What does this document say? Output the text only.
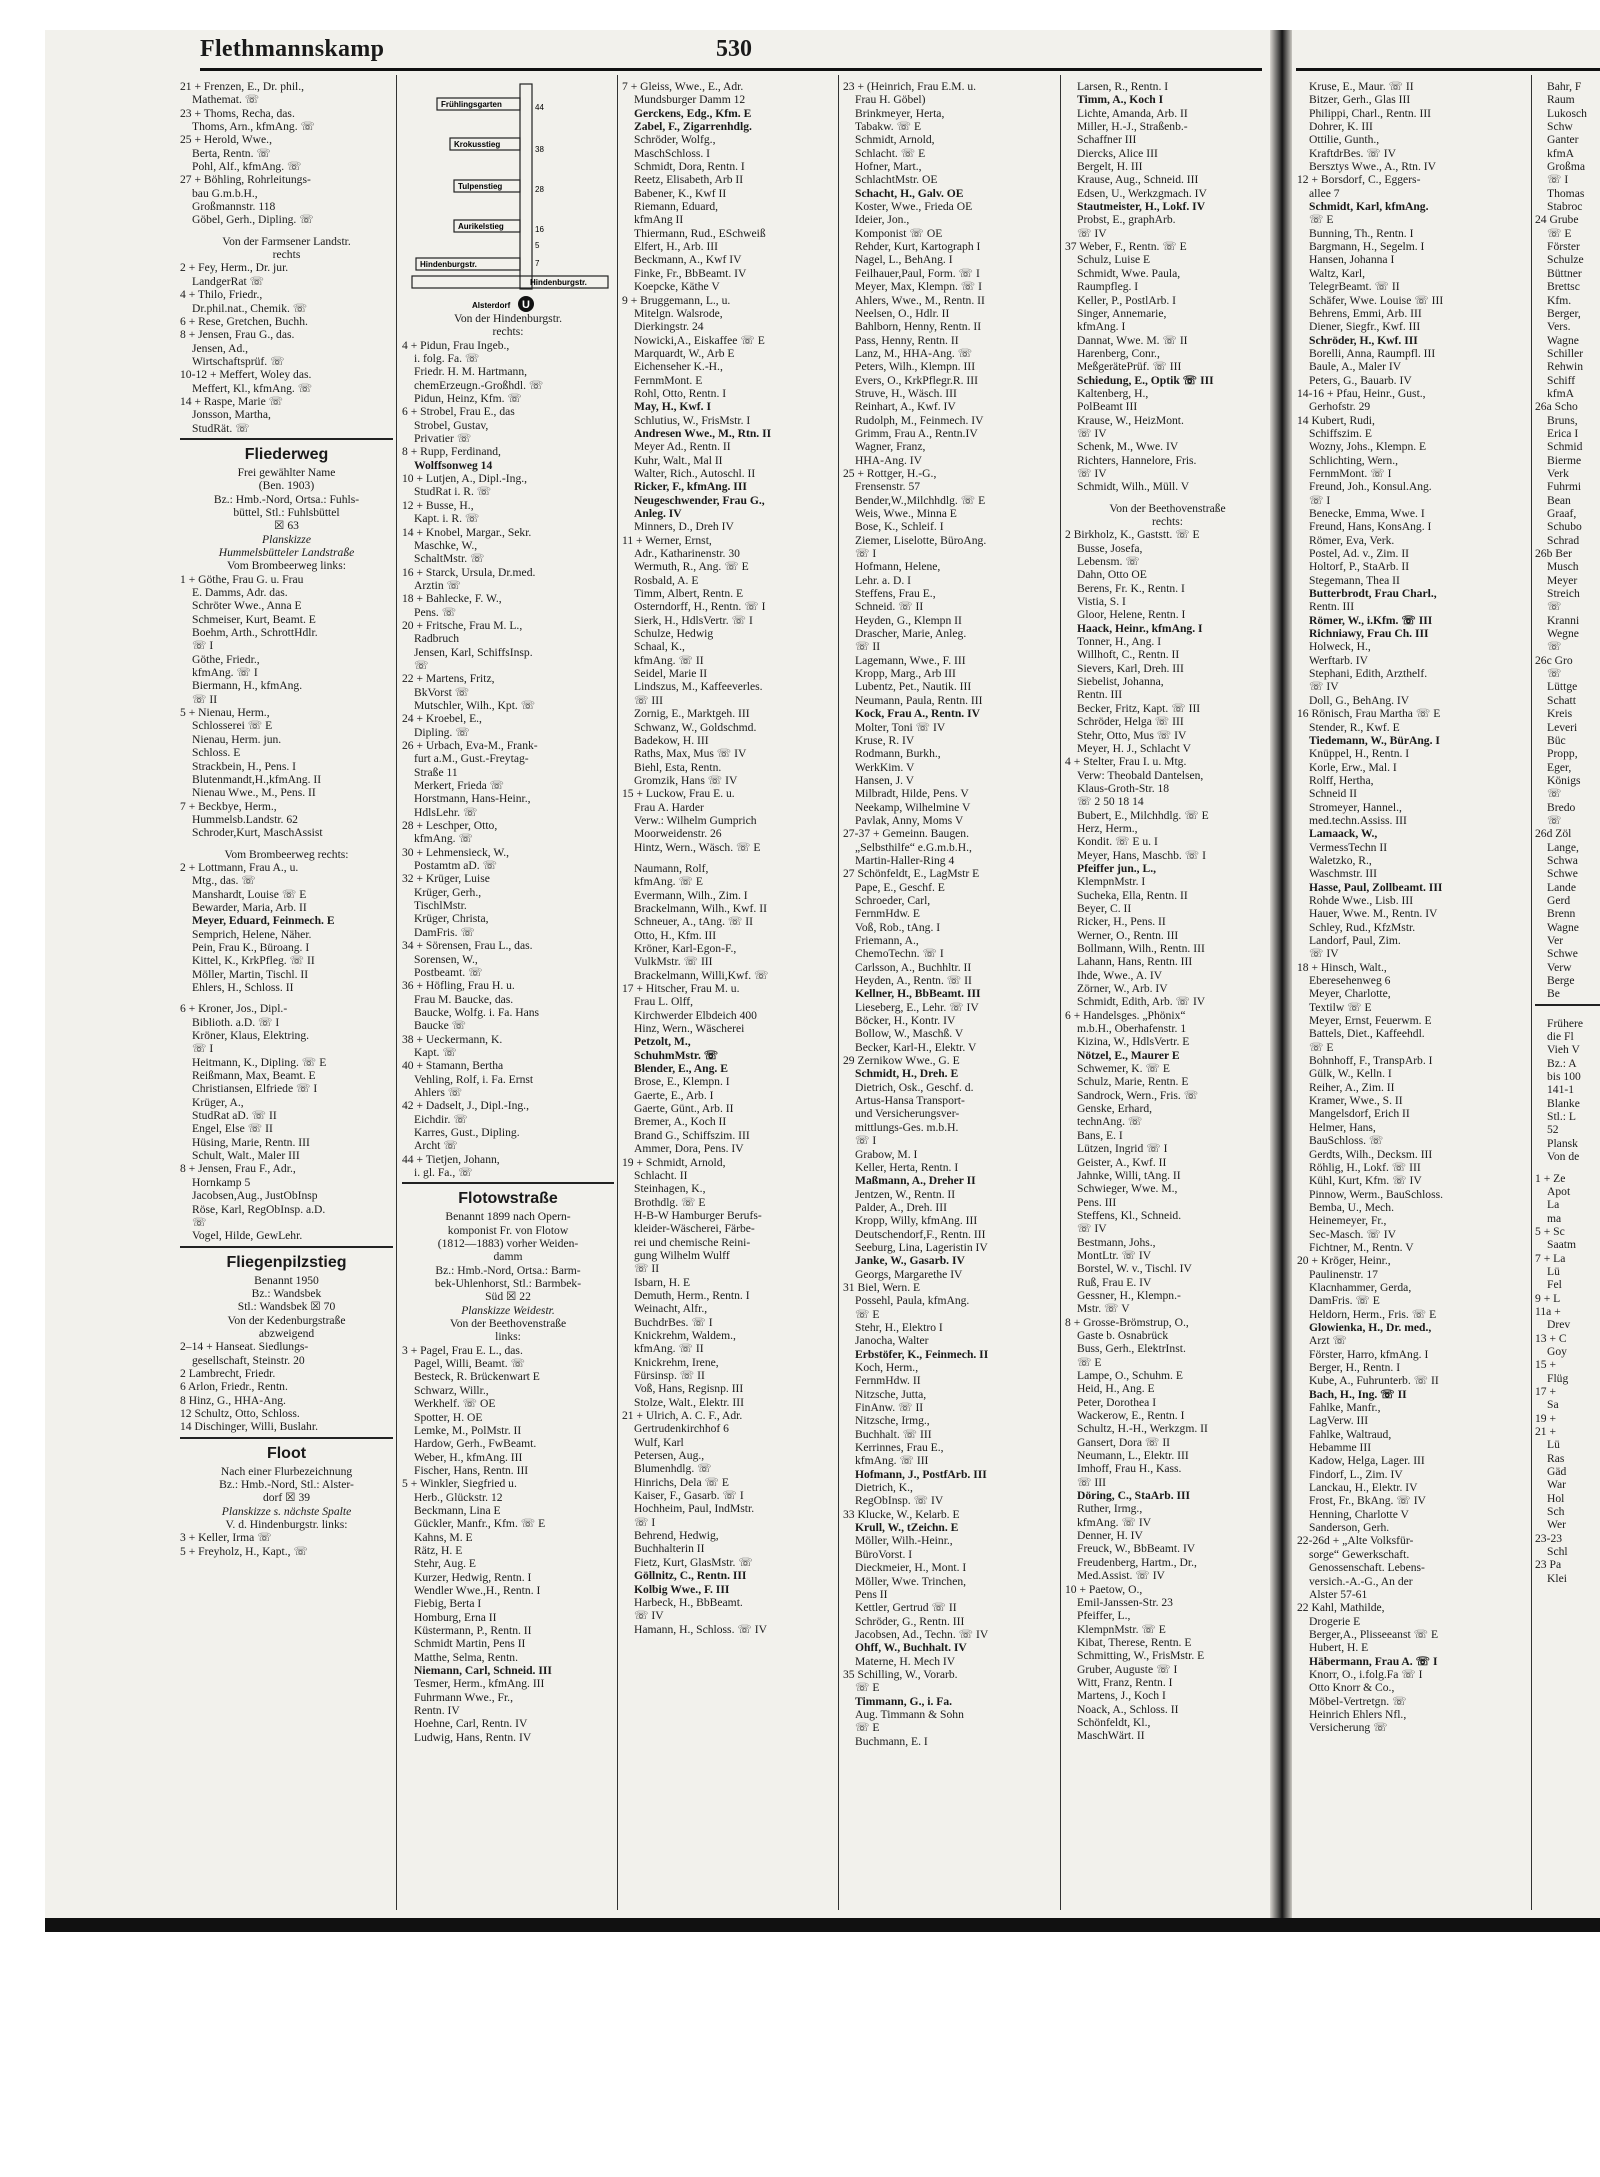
Flethmannskamp	530
21 + Frenzen, E., Dr. phil.,
Mathemat. ☏
23 + Thoms, Recha, das.
Thoms, Arn., kfmAng. ☏
25 + Herold, Wwe.,
Berta, Rentn. ☏
Pohl, Alf., kfmAng. ☏
27 + Böhling, Rohrleitungs-
bau G.m.b.H.,
Großmannstr. 118
Göbel, Gerh., Dipling. ☏
Von der Farmsener Landstr.
rechts
2 + Fey, Herm., Dr. jur.
LandgerRat ☏
4 + Thilo, Friedr.,
Dr.phil.nat., Chemik. ☏
6 + Rese, Gretchen, Buchh.
8 + Jensen, Frau G., das.
Jensen, Ad.,
Wirtschaftsprüf. ☏
10-12 + Meffert, Woley das.
Meffert, Kl., kfmAng. ☏
14 + Raspe, Marie ☏
Jonsson, Martha,
StudRät. ☏
Fliederweg
Frei gewählter Name
(Ben. 1903)
Bz.: Hmb.-Nord, Ortsa.: Fuhls-
büttel, Stl.: Fuhlsbüttel
☒ 63
Planskizze
Hummelsbütteler Landstraße
Vom Brombeerweg links:
1 + Göthe, Frau G. u. Frau
E. Damms, Adr. das.
Schröter Wwe., Anna E
Schmeiser, Kurt, Beamt. E
Boehm, Arth., SchrottHdlr.
☏ I
Göthe, Friedr.,
kfmAng. ☏ I
Biermann, H., kfmAng.
☏ II
5 + Nienau, Herm.,
Schlosserei ☏ E
Nienau, Herm. jun.
Schloss. E
Strackbein, H., Pens. I
Blutenmandt,H.,kfmAng. II
Nienau Wwe., M., Pens. II
7 + Beckbye, Herm.,
Hummelsb.Landstr. 62
Schroder,Kurt, MaschAssist
Vom Brombeerweg rechts:
2 + Lottmann, Frau A., u.
Mtg., das. ☏
Manshardt, Louise ☏ E
Bewarder, Maria, Arb. II
Meyer, Eduard, Feinmech. E
Semprich, Helene, Näher.
Pein, Frau K., Büroang. I
Kittel, K., KrkPfleg. ☏ II
Möller, Martin, Tischl. II
Ehlers, H., Schloss. II
6 + Kroner, Jos., Dipl.-
Biblioth. a.D. ☏ I
Kröner, Klaus, Elektring.
☏ I
Heitmann, K., Dipling. ☏ E
Reißmann, Max, Beamt. E
Christiansen, Elfriede ☏ I
Krüger, A.,
StudRat aD. ☏ II
Engel, Else ☏ II
Hüsing, Marie, Rentn. III
Schult, Walt., Maler III
8 + Jensen, Frau F., Adr.,
Hornkamp 5
Jacobsen,Aug., JustObInsp
Röse, Karl, RegObInsp. a.D.
☏
Vogel, Hilde, GewLehr.
Fliegenpilzstieg
Benannt 1950
Bz.: Wandsbek
Stl.: Wandsbek ☒ 70
Von der Kedenburgstraße
abzweigend
2–14 + Hanseat. Siedlungs-
gesellschaft, Steinstr. 20
2 Lambrecht, Friedr.
6 Arlon, Friedr., Rentn.
8 Hinz, G., HHA-Ang.
12 Schultz, Otto, Schloss.
14 Dischinger, Willi, Buslahr.
Floot
Nach einer Flurbezeichnung
Bz.: Hmb.-Nord, Stl.: Alster-
dorf ☒ 39
Planskizze s. nächste Spalte
V. d. Hindenburgstr. links:
3 + Keller, Irma ☏
5 + Freyholz, H., Kapt., ☏
Frühlingsgarten
Krokusstieg
Tulpenstieg
Aurikelstieg
Hindenburgstr.
Hindenburgstr.
44
38
28
16
5
7
U
Alsterdorf
Von der Hindenburgstr.
rechts:
4 + Pidun, Frau Ingeb.,
i. folg. Fa. ☏
Friedr. H. M. Hartmann,
chemErzeugn.-Großhdl. ☏
Pidun, Heinz, Kfm. ☏
6 + Strobel, Frau E., das
Strobel, Gustav,
Privatier ☏
8 + Rupp, Ferdinand,
Wolffsonweg 14
10 + Lutjen, A., Dipl.-Ing.,
StudRat i. R. ☏
12 + Busse, H.,
Kapt. i. R. ☏
14 + Knobel, Margar., Sekr.
Maschke, W.,
SchaltMstr. ☏
16 + Starck, Ursula, Dr.med.
Arztin ☏
18 + Bahlecke, F. W.,
Pens. ☏
20 + Fritsche, Frau M. L.,
Radbruch
Jensen, Karl, SchiffsInsp.
☏
22 + Martens, Fritz,
BkVorst ☏
Mutschler, Wilh., Kpt. ☏
24 + Kroebel, E.,
Dipling. ☏
26 + Urbach, Eva-M., Frank-
furt a.M., Gust.-Freytag-
Straße 11
Merkert, Frieda ☏
Horstmann, Hans-Heinr.,
HdlsLehr. ☏
28 + Leschper, Otto,
kfmAng. ☏
30 + Lehmensieck, W.,
Postamtm aD. ☏
32 + Krüger, Luise
Krüger, Gerh.,
TischlMstr.
Krüger, Christa,
DamFris. ☏
34 + Sörensen, Frau L., das.
Sorensen, W.,
Postbeamt. ☏
36 + Höfling, Frau H. u.
Frau M. Baucke, das.
Baucke, Wolfg. i. Fa. Hans
Baucke ☏
38 + Ueckermann, K.
Kapt. ☏
40 + Stamann, Bertha
Vehling, Rolf, i. Fa. Ernst
Ahlers ☏
42 + Dadselt, J., Dipl.-Ing.,
Eichdir. ☏
Karres, Gust., Dipling.
Archt ☏
44 + Tietjen, Johann,
i. gl. Fa., ☏
Flotowstraße
Benannt 1899 nach Opern-
komponist Fr. von Flotow
(1812—1883) vorher Weiden-
damm
Bz.: Hmb.-Nord, Ortsa.: Barm-
bek-Uhlenhorst, Stl.: Barmbek-
Süd ☒ 22
Planskizze Weidestr.
Von der Beethovenstraße
links:
3 + Pagel, Frau E. L., das.
Pagel, Willi, Beamt. ☏
Besteck, R. Brückenwart E
Schwarz, Willr.,
Werkhelf. ☏ OE
Spotter, H. OE
Lemke, M., PolMstr. II
Hardow, Gerh., FwBeamt.
Weber, H., kfmAng. III
Fischer, Hans, Rentn. III
5 + Winkler, Siegfried u.
Herb., Glückstr. 12
Beckmann, Lina E
Gückler, Manfr., Kfm. ☏ E
Kahns, M. E
Rätz, H. E
Stehr, Aug. E
Kurzer, Hedwig, Rentn. I
Wendler Wwe.,H., Rentn. I
Fiebig, Berta I
Homburg, Erna II
Küstermann, P., Rentn. II
Schmidt Martin, Pens II
Matthe, Selma, Rentn.
Niemann, Carl, Schneid. III
Tesmer, Herm., kfmAng. III
Fuhrmann Wwe., Fr.,
Rentn. IV
Hoehne, Carl, Rentn. IV
Ludwig, Hans, Rentn. IV
7 + Gleiss, Wwe., E., Adr.
Mundsburger Damm 12
Gerckens, Edg., Kfm. E
Zabel, F., Zigarrenhdlg.
Schröder, Wolfg.,
MaschSchloss. I
Schmidt, Dora, Rentn. I
Reetz, Elisabeth, Arb II
Babener, K., Kwf II
Riemann, Eduard,
kfmAng II
Thiermann, Rud., ESchweiß
Elfert, H., Arb. III
Beckmann, A., Kwf IV
Finke, Fr., BbBeamt. IV
Koepcke, Käthe V
9 + Bruggemann, L., u.
Mitelgn. Walsrode,
Dierkingstr. 24
Nowicki,A., Eiskaffee ☏ E
Marquardt, W., Arb E
Eichenseher K.-H.,
FernmMont. E
Rohl, Otto, Rentn. I
May, H., Kwf. I
Schlutius, W., FrisMstr. I
Andresen Wwe., M., Rtn. II
Meyer Ad., Rentn. II
Kuhr, Walt., Mal II
Walter, Rich., Autoschl. II
Ricker, F., kfmAng. III
Neugeschwender, Frau G.,
Anleg. IV
Minners, D., Dreh IV
11 + Werner, Ernst,
Adr., Katharinenstr. 30
Wermuth, R., Ang. ☏ E
Rosbald, A. E
Timm, Albert, Rentn. E
Osterndorff, H., Rentn. ☏ I
Sierk, H., HdlsVertr. ☏ I
Schulze, Hedwig
Schaal, K.,
kfmAng. ☏ II
Seidel, Marie II
Lindszus, M., Kaffeeverles.
☏ III
Zornig, E., Marktgeh. III
Schwanz, W., Goldschmd.
Badekow, H. III
Raths, Max, Mus ☏ IV
Biehl, Esta, Rentn.
Gromzik, Hans ☏ IV
15 + Luckow, Frau E. u.
Frau A. Harder
Verw.: Wilhelm Gumprich
Moorweidenstr. 26
Hintz, Wern., Wäsch. ☏ E
Naumann, Rolf,
kfmAng. ☏ E
Evermann, Wilh., Zim. I
Brackelmann, Wilh., Kwf. II
Schneuer, A., tAng. ☏ II
Otto, H., Kfm. III
Kröner, Karl-Egon-F.,
VulkMstr. ☏ III
Brackelmann, Willi,Kwf. ☏
17 + Hitscher, Frau M. u.
Frau L. Olff,
Kirchwerder Elbdeich 400
Hinz, Wern., Wäscherei
Petzolt, M.,
SchuhmMstr. ☏
Blender, E., Ang. E
Brose, E., Klempn. I
Gaerte, E., Arb. I
Gaerte, Günt., Arb. II
Bremer, A., Koch II
Brand G., Schiffszim. III
Ammer, Dora, Pens. IV
19 + Schmidt, Arnold,
Schlacht. II
Steinhagen, K.,
Brothdlg. ☏ E
H-B-W Hamburger Berufs-
kleider-Wäscherei, Färbe-
rei und chemische Reini-
gung Wilhelm Wulff
☏ II
Isbarn, H. E
Demuth, Herm., Rentn. I
Weinacht, Alfr.,
BuchdrBes. ☏ I
Knickrehm, Waldem.,
kfmAng. ☏ II
Knickrehm, Irene,
Fürsinsp. ☏ II
Voß, Hans, Regisnp. III
Stolze, Walt., Elektr. III
21 + Ulrich, A. C. F., Adr.
Gertrudenkirchhof 6
Wulf, Karl
Petersen, Aug.,
Blumenhdlg. ☏
Hinrichs, Dela ☏ E
Kaiser, F., Gasarb. ☏ I
Hochheim, Paul, IndMstr.
☏ I
Behrend, Hedwig,
Buchhalterin II
Fietz, Kurt, GlasMstr. ☏
Göllnitz, C., Rentn. III
Kolbig Wwe., F. III
Harbeck, H., BbBeamt.
☏ IV
Hamann, H., Schloss. ☏ IV
23 + (Heinrich, Frau E.M. u.
Frau H. Göbel)
Brinkmeyer, Herta,
Tabakw. ☏ E
Schmidt, Arnold,
Schlacht. ☏ E
Hofner, Mart.,
SchlachtMstr. OE
Schacht, H., Galv. OE
Koster, Wwe., Frieda OE
Ideier, Jon.,
Komponist ☏ OE
Rehder, Kurt, Kartograph I
Nagel, L., BehAng. I
Feilhauer,Paul, Form. ☏ I
Meyer, Max, Klempn. ☏ I
Ahlers, Wwe., M., Rentn. II
Neelsen, O., Hdlr. II
Bahlborn, Henny, Rentn. II
Pass, Henny, Rentn. II
Lanz, M., HHA-Ang. ☏
Peters, Wilh., Klempn. III
Evers, O., KrkPflegr.R. III
Struve, H., Wäsch. III
Reinhart, A., Kwf. IV
Rudolph, M., Feinmech. IV
Grimm, Frau A., Rentn.IV
Wagner, Franz,
HHA-Ang. IV
25 + Rottger, H.-G.,
Frensenstr. 57
Bender,W.,Milchhdlg. ☏ E
Weis, Wwe., Minna E
Bose, K., Schleif. I
Ziemer, Liselotte, BüroAng.
☏ I
Hofmann, Helene,
Lehr. a. D. I
Steffens, Frau E.,
Schneid. ☏ II
Heyden, G., Klempn II
Drascher, Marie, Anleg.
☏ II
Lagemann, Wwe., F. III
Kropp, Marg., Arb III
Lubentz, Pet., Nautik. III
Neumann, Paula, Rentn. III
Kock, Frau A., Rentn. IV
Molter, Toni ☏ IV
Kruse, R. IV
Rodmann, Burkh.,
WerkKim. V
Hansen, J. V
Milbradt, Hilde, Pens. V
Neekamp, Wilhelmine V
Pavlak, Anny, Moms V
27-37 + Gemeinn. Baugen.
„Selbsthilfe“ e.G.m.b.H.,
Martin-Haller-Ring 4
27 Schönfeldt, E., LagMstr E
Pape, E., Geschf. E
Schroeder, Carl,
FernmHdw. E
Voß, Rob., tAng. I
Friemann, A.,
ChemoTechn. ☏ I
Carlsson, A., Buchhltr. II
Heyden, A., Rentn. ☏ II
Kellner, H., BbBeamt. III
Lieseberg, E., Lehr. ☏ IV
Böcker, H., Kontr. IV
Bollow, W., Maschß. V
Becker, Karl-H., Elektr. V
29 Zernikow Wwe., G. E
Schmidt, H., Dreh. E
Dietrich, Osk., Geschf. d.
Artus-Hansa Transport-
und Versicherungsver-
mittlungs-Ges. m.b.H.
☏ I
Grabow, M. I
Keller, Herta, Rentn. I
Maßmann, A., Dreher II
Jentzen, W., Rentn. II
Palder, A., Dreh. III
Kropp, Willy, kfmAng. III
Deutschendorf,F., Rentn. III
Seeburg, Lina, Lageristin IV
Janke, W., Gasarb. IV
Georgs, Margarethe IV
31 Biel, Wern. E
Possehl, Paula, kfmAng.
☏ E
Stehr, H., Elektro I
Janocha, Walter
Erbstöfer, K., Feinmech. II
Koch, Herm.,
FernmHdw. II
Nitzsche, Jutta,
FinAnw. ☏ II
Nitzsche, Irmg.,
Buchhalt. ☏ III
Kerrinnes, Frau E.,
kfmAng. ☏ III
Hofmann, J., PostfArb. III
Dietrich, K.,
RegObInsp. ☏ IV
33 Klucke, W., Kelarb. E
Krull, W., tZeichn. E
Möller, Wilh.-Heinr.,
BüroVorst. I
Dieckmeier, H., Mont. I
Möller, Wwe. Trinchen,
Pens II
Kettler, Gertrud ☏ II
Schröder, G., Rentn. III
Jacobsen, Ad., Techn. ☏ IV
Ohff, W., Buchhalt. IV
Materne, H. Mech IV
35 Schilling, W., Vorarb.
☏ E
Timmann, G., i. Fa.
Aug. Timmann & Sohn
☏ E
Buchmann, E. I
Larsen, R., Rentn. I
Timm, A., Koch I
Lichte, Amanda, Arb. II
Miller, H.-J., Straßenb.-
Schaffner III
Diercks, Alice III
Bergelt, H. III
Krause, Aug., Schneid. III
Edsen, U., Werkzgmach. IV
Stautmeister, H., Lokf. IV
Probst, E., graphArb.
☏ IV
37 Weber, F., Rentn. ☏ E
Schulz, Luise E
Schmidt, Wwe. Paula,
Raumpfleg. I
Keller, P., PostlArb. I
Singer, Annemarie,
kfmAng. I
Dannat, Wwe. M. ☏ II
Harenberg, Conr.,
MeßgerätePrüf. ☏ III
Schiedung, E., Optik ☏ III
Kaltenberg, H.,
PolBeamt III
Krause, W., HeizMont.
☏ IV
Schenk, M., Wwe. IV
Richters, Hannelore, Fris.
☏ IV
Schmidt, Wilh., Müll. V
Von der Beethovenstraße
rechts:
2 Birkholz, K., Gaststt. ☏ E
Busse, Josefa,
Lebensm. ☏
Dahn, Otto OE
Berens, Fr. K., Rentn. I
Vistia, S. I
Gloor, Helene, Rentn. I
Haack, Heinr., kfmAng. I
Tonner, H., Ang. I
Willhoft, C., Rentn. II
Sievers, Karl, Dreh. III
Siebelist, Johanna,
Rentn. III
Becker, Fritz, Kapt. ☏ III
Schröder, Helga ☏ III
Stehr, Otto, Mus ☏ IV
Meyer, H. J., Schlacht V
4 + Stelter, Frau I. u. Mtg.
Verw: Theobald Dantelsen,
Klaus-Groth-Str. 18
☏ 2 50 18 14
Bubert, E., Milchhdlg. ☏ E
Herz, Herm.,
Kondit. ☏ E u. I
Meyer, Hans, Maschb. ☏ I
Pfeiffer jun., L.,
KlempnMstr. I
Sucheka, Ella, Rentn. II
Beyer, C. II
Ricker, H., Pens. II
Werner, O., Rentn. III
Bollmann, Wilh., Rentn. III
Lahann, Hans, Rentn. III
Ihde, Wwe., A. IV
Zörner, W., Arb. IV
Schmidt, Edith, Arb. ☏ IV
6 + Handelsges. „Phönix“
m.b.H., Oberhafenstr. 1
Kizina, W., HdlsVertr. E
Nötzel, E., Maurer E
Schwemer, K. ☏ E
Schulz, Marie, Rentn. E
Sandrock, Wern., Fris. ☏
Genske, Erhard,
technAng. ☏
Bans, E. I
Lützen, Ingrid ☏ I
Geister, A., Kwf. II
Jahnke, Willi, tAng. II
Schwieger, Wwe. M.,
Pens. III
Steffens, Kl., Schneid.
☏ IV
Bestmann, Johs.,
MontLtr. ☏ IV
Borstel, W. v., Tischl. IV
Ruß, Frau E. IV
Gessner, H., Klempn.-
Mstr. ☏ V
8 + Grosse-Brömstrup, O.,
Gaste b. Osnabrück
Buss, Gerh., ElektrInst.
☏ E
Lampe, O., Schuhm. E
Heid, H., Ang. E
Peter, Dorothea I
Wackerow, E., Rentn. I
Schultz, H.-H., Werkzgm. II
Gansert, Dora ☏ II
Neumann, L., Elektr. III
Imhoff, Frau H., Kass.
☏ III
Döring, C., StaArb. III
Ruther, Irmg.,
kfmAng. ☏ IV
Denner, H. IV
Freuck, W., BbBeamt. IV
Freudenberg, Hartm., Dr.,
Med.Assist. ☏ IV
10 + Paetow, O.,
Emil-Janssen-Str. 23
Pfeiffer, L.,
KlempnMstr. ☏ E
Kibat, Therese, Rentn. E
Schmitting, W., FrisMstr. E
Gruber, Auguste ☏ I
Witt, Franz, Rentn. I
Martens, J., Koch I
Noack, A., Schloss. II
Schönfeldt, Kl.,
MaschWärt. II
Kruse, E., Maur. ☏ II
Bitzer, Gerh., Glas III
Philippi, Charl., Rentn. III
Dohrer, K. III
Ottilie, Gunth.,
KraftdrBes. ☏ IV
Bersztys Wwe., A., Rtn. IV
12 + Borsdorf, C., Eggers-
allee 7
Schmidt, Karl, kfmAng.
☏ E
Bunning, Th., Rentn. I
Bargmann, H., Segelm. I
Hansen, Johanna I
Waltz, Karl,
TelegrBeamt. ☏ II
Schäfer, Wwe. Louise ☏ III
Behrens, Emmi, Arb. III
Diener, Siegfr., Kwf. III
Schröder, H., Kwf. III
Borelli, Anna, Raumpfl. III
Baule, A., Maler IV
Peters, G., Bauarb. IV
14-16 + Pfau, Heinr., Gust.,
Gerhofstr. 29
14 Kubert, Rudi,
Schiffszim. E
Wozny, Johs., Klempn. E
Schlichting, Wern.,
FernmMont. ☏ I
Freund, Joh., Konsul.Ang.
☏ I
Benecke, Emma, Wwe. I
Freund, Hans, KonsAng. I
Römer, Eva, Verk.
Postel, Ad. v., Zim. II
Holtorf, P., StaArb. II
Stegemann, Thea II
Butterbrodt, Frau Charl.,
Rentn. III
Römer, W., i.Kfm. ☏ III
Richniawy, Frau Ch. III
Holweck, H.,
Werftarb. IV
Stephani, Edith, Arzthelf.
☏ IV
Doll, G., BehAng. IV
16 Rönisch, Frau Martha ☏ E
Stender, R., Kwf. E
Tiedemann, W., BürAng. I
Knüppel, H., Rentn. I
Korle, Erw., Mal. I
Rolff, Hertha,
Schneid II
Stromeyer, Hannel.,
med.techn.Assiss. III
Lamaack, W.,
VermessTechn II
Waletzko, R.,
Waschmstr. III
Hasse, Paul, Zollbeamt. III
Rohde Wwe., Lisb. III
Hauer, Wwe. M., Rentn. IV
Schley, Rud., KfzMstr.
Landorf, Paul, Zim.
☏ IV
18 + Hinsch, Walt.,
Eberesehenweg 6
Meyer, Charlotte,
Textilw ☏ E
Meyer, Ernst, Feuerwm. E
Battels, Diet., Kaffeehdl.
☏ E
Bohnhoff, F., TranspArb. I
Gülk, W., Kelln. I
Reiher, A., Zim. II
Kramer, Wwe., S. II
Mangelsdorf, Erich II
Helmer, Hans,
BauSchloss. ☏
Gerdts, Wilh., Decksm. III
Röhlig, H., Lokf. ☏ III
Kühl, Kurt, Kfm. ☏ IV
Pinnow, Werm., BauSchloss.
Bemba, U., Mech.
Heinemeyer, Fr.,
Sec-Masch. ☏ IV
Fichtner, M., Rentn. V
20 + Kröger, Heinr.,
Paulinenstr. 17
Klacnhammer, Gerda,
DamFris. ☏ E
Heldorn, Herm., Fris. ☏ E
Glowienka, H., Dr. med.,
Arzt ☏
Förster, Harro, kfmAng. I
Berger, H., Rentn. I
Kube, A., Fuhrunterb. ☏ II
Bach, H., Ing. ☏ II
Fahlke, Manfr.,
LagVerw. III
Fahlke, Waltraud,
Hebamme III
Kadow, Helga, Lager. III
Findorf, L., Zim. IV
Lanckau, H., Elektr. IV
Frost, Fr., BkAng. ☏ IV
Henning, Charlotte V
Sanderson, Gerh.
22-26d + „Alte Volksfür-
sorge“ Gewerkschaft.
Genossenschaft. Lebens-
versich.-A.-G., An der
Alster 57-61
22 Kahl, Mathilde,
Drogerie E
Berger,A., Plisseeanst ☏ E
Hubert, H. E
Häbermann, Frau A. ☏ I
Knorr, O., i.folg.Fa ☏ I
Otto Knorr & Co.,
Möbel-Vertretgn. ☏
Heinrich Ehlers Nfl.,
Versicherung ☏
Bahr, F
Raum
Lukosch
Schw
Ganter
kfmA
Großma
☏ I
Thomas
Stabroc
24 Grube
☏ E
Förster
Schulze
Büttner
Brettsc
Kfm.
Berger,
Vers.
Wagne
Schiller
Rehwin
Schiff
kfmA
26a Scho
Bruns,
Erica I
Schmid
Bierme
Verk
Fuhrmi
Bean
Graaf,
Schubo
Schrad
26b Ber
Musch
Meyer
Streich
☏
Kranni
Wegne
☏
26c Gro
☏
Lüttge
Schatt
Kreis
Leveri
Büc
Propp,
Eger,
Königs
☏
Bredo
☏
26d Zöl
Lange,
Schwa
Schwe
Lande
Gerd
Brenn
Wagne
Ver
Schwe
Verw
Berge
Be
Frühere
die Fl
Vieh V
Bz.: A
bis 100
141-1
Blanke
Stl.: L
52
Plansk
Von de
1 + Ze
Apot
La
ma
5 + Sc
Saatm
7 + La
Lü
Fel
9 + L
11a +
Drev
13 + C
Goy
15 +
Flüg
17 +
Sa
19 +
21 +
Lü
Ras
Gäd
War
Hol
Sch
Wer
23-23
Schl
23 Pa
Klei
